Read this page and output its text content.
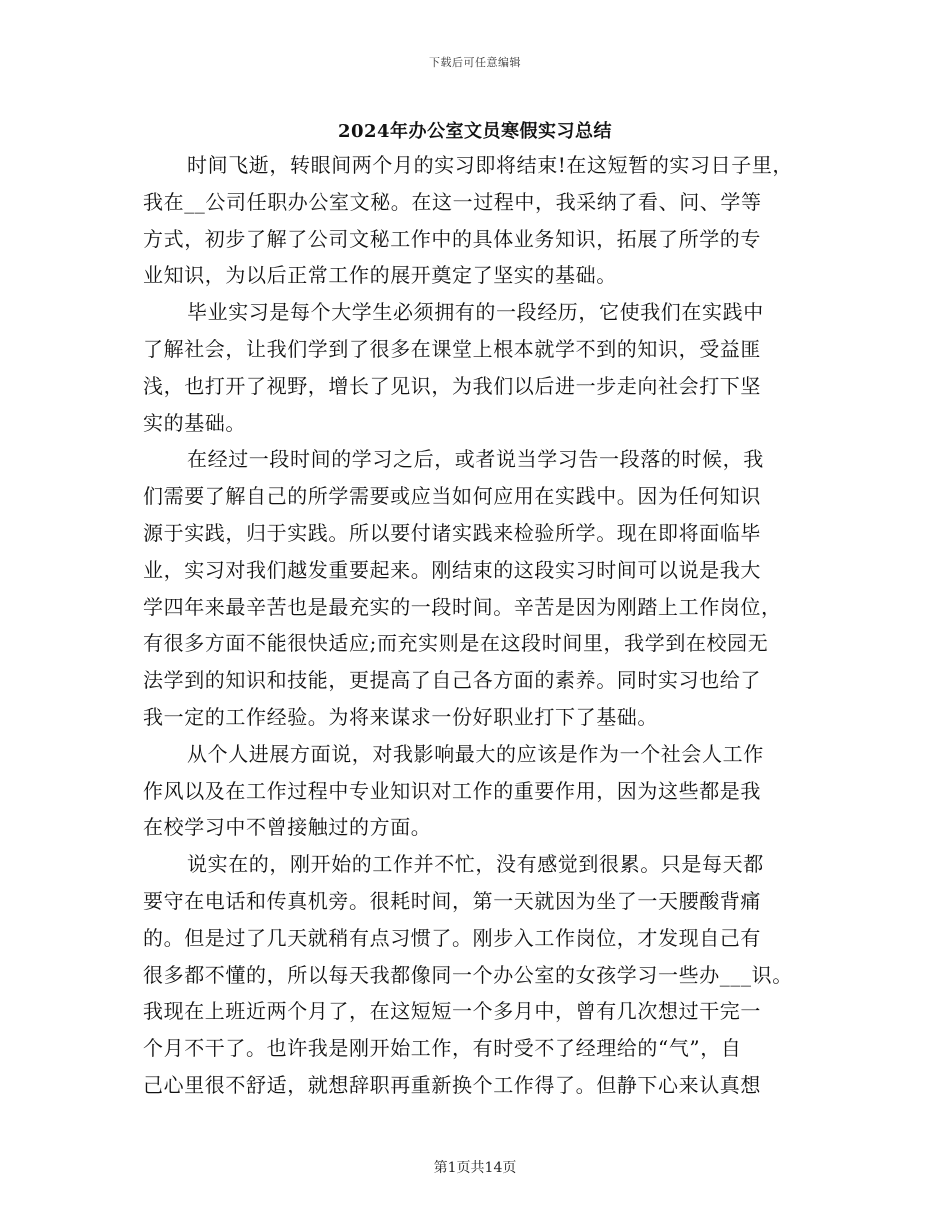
下载后可任意编辑
2024年办公室文员寒假实习总结
时间飞逝，转眼间两个月的实习即将结束!在这短暂的实习日子里，
我在__公司任职办公室文秘。在这一过程中，我采纳了看、问、学等
方式，初步了解了公司文秘工作中的具体业务知识，拓展了所学的专
业知识，为以后正常工作的展开奠定了坚实的基础。
毕业实习是每个大学生必须拥有的一段经历，它使我们在实践中
了解社会，让我们学到了很多在课堂上根本就学不到的知识，受益匪
浅，也打开了视野，增长了见识，为我们以后进一步走向社会打下坚
实的基础。
在经过一段时间的学习之后，或者说当学习告一段落的时候，我
们需要了解自己的所学需要或应当如何应用在实践中。因为任何知识
源于实践，归于实践。所以要付诸实践来检验所学。现在即将面临毕
业，实习对我们越发重要起来。刚结束的这段实习时间可以说是我大
学四年来最辛苦也是最充实的一段时间。辛苦是因为刚踏上工作岗位，
有很多方面不能很快适应;而充实则是在这段时间里，我学到在校园无
法学到的知识和技能，更提高了自己各方面的素养。同时实习也给了
我一定的工作经验。为将来谋求一份好职业打下了基础。
从个人进展方面说，对我影响最大的应该是作为一个社会人工作
作风以及在工作过程中专业知识对工作的重要作用，因为这些都是我
在校学习中不曾接触过的方面。
说实在的，刚开始的工作并不忙，没有感觉到很累。只是每天都
要守在电话和传真机旁。很耗时间，第一天就因为坐了一天腰酸背痛
的。但是过了几天就稍有点习惯了。刚步入工作岗位，才发现自己有
很多都不懂的，所以每天我都像同一个办公室的女孩学习一些办___识。
我现在上班近两个月了，在这短短一个多月中，曾有几次想过干完一
个月不干了。也许我是刚开始工作，有时受不了经理给的“气”，自
己心里很不舒适，就想辞职再重新换个工作得了。但静下心来认真想
第1页共14页
